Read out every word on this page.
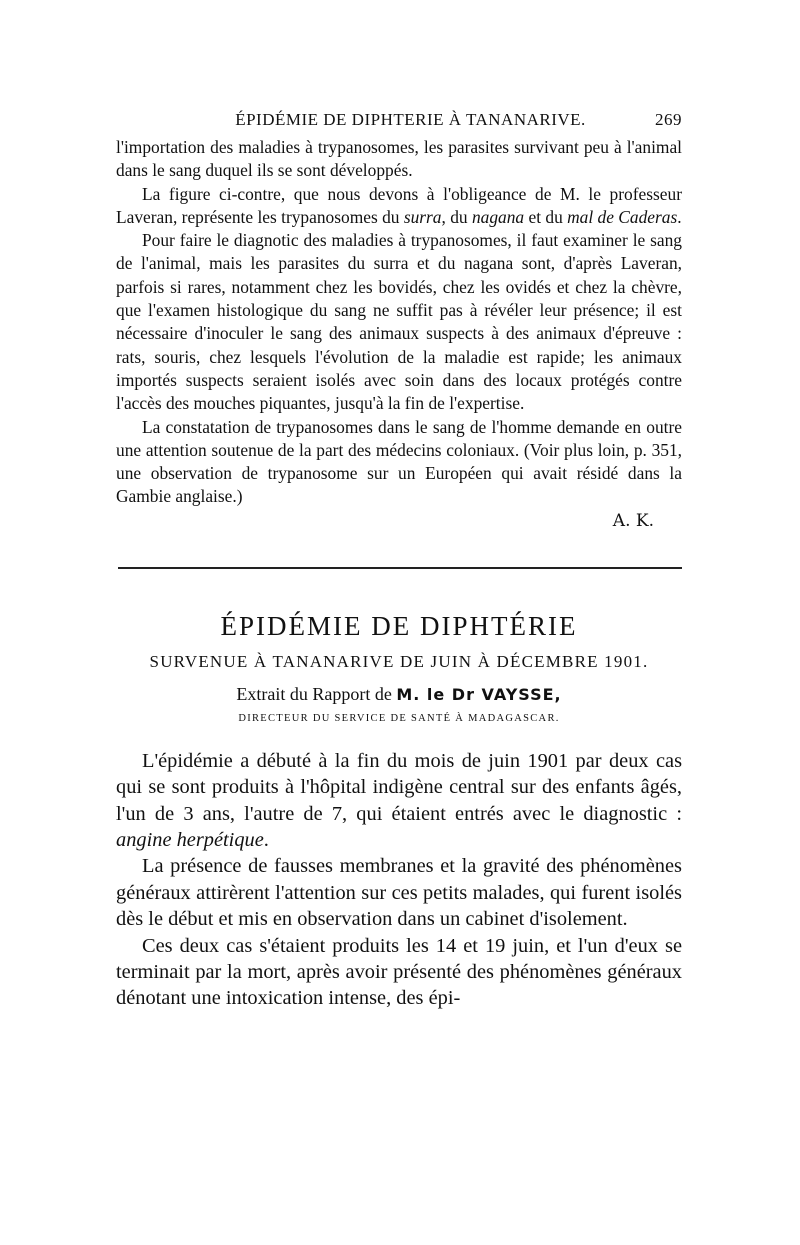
ÉPIDÉMIE DE DIPHTERIE À TANANARIVE.	269

l'importation des maladies à trypanosomes, les parasites survivant peu à l'animal dans le sang duquel ils se sont développés.

La figure ci-contre, que nous devons à l'obligeance de M. le professeur Laveran, représente les trypanosomes du surra, du nagana et du mal de Caderas.

Pour faire le diagnotic des maladies à trypanosomes, il faut examiner le sang de l'animal, mais les parasites du surra et du nagana sont, d'après Laveran, parfois si rares, notamment chez les bovidés, chez les ovidés et chez la chèvre, que l'examen histologique du sang ne suffit pas à révéler leur présence; il est nécessaire d'inoculer le sang des animaux suspects à des animaux d'épreuve : rats, souris, chez lesquels l'évolution de la maladie est rapide; les animaux importés suspects seraient isolés avec soin dans des locaux protégés contre l'accès des mouches piquantes, jusqu'à la fin de l'expertise.

La constatation de trypanosomes dans le sang de l'homme demande en outre une attention soutenue de la part des médecins coloniaux. (Voir plus loin, p. 351, une observation de trypanosome sur un Européen qui avait résidé dans la Gambie anglaise.)

A. K.
ÉPIDÉMIE DE DIPHTÉRIE
SURVENUE À TANANARIVE DE JUIN À DÉCEMBRE 1901.
Extrait du Rapport de M. le Dr VAYSSE,
DIRECTEUR DU SERVICE DE SANTÉ À MADAGASCAR.

L'épidémie a débuté à la fin du mois de juin 1901 par deux cas qui se sont produits à l'hôpital indigène central sur des enfants âgés, l'un de 3 ans, l'autre de 7, qui étaient entrés avec le diagnostic : angine herpétique.

La présence de fausses membranes et la gravité des phénomènes généraux attirèrent l'attention sur ces petits malades, qui furent isolés dès le début et mis en observation dans un cabinet d'isolement.

Ces deux cas s'étaient produits les 14 et 19 juin, et l'un d'eux se terminait par la mort, après avoir présenté des phénomènes généraux dénotant une intoxication intense, des épi-
